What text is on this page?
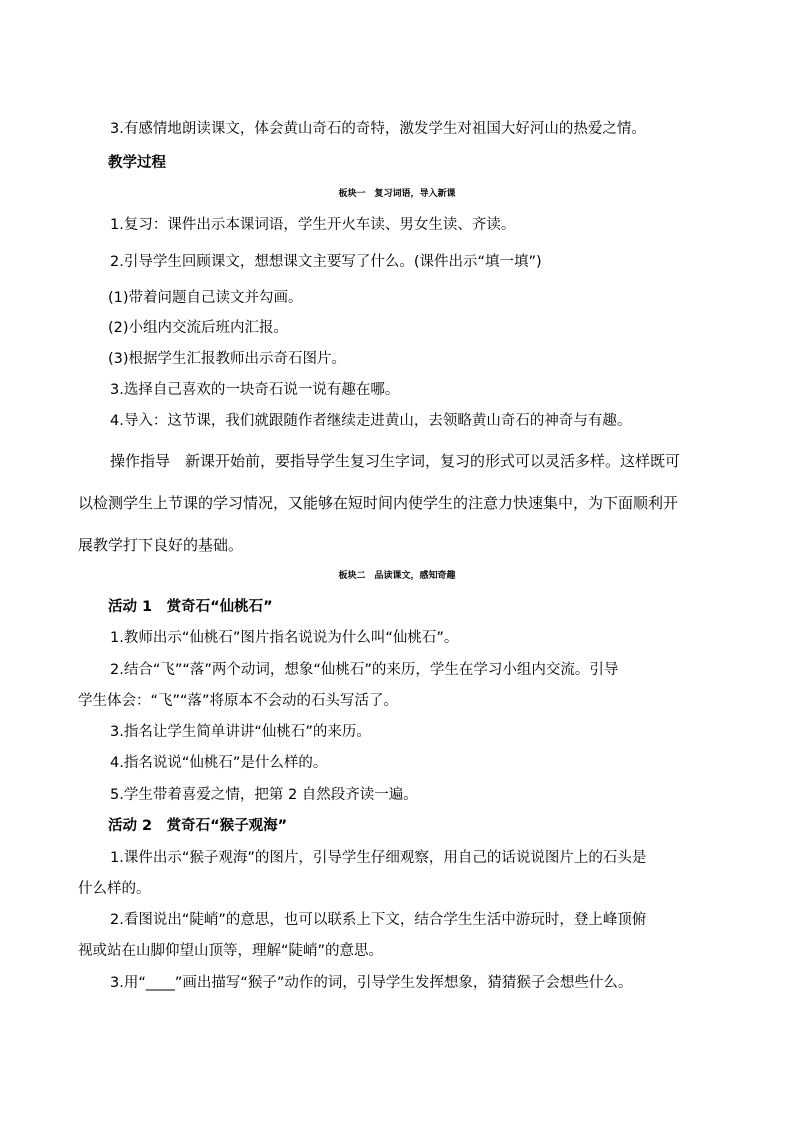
3.有感情地朗读课文，体会黄山奇石的奇特，激发学生对祖国大好河山的热爱之情。
教学过程
板块一　复习词语，导入新课
1.复习：课件出示本课词语，学生开火车读、男女生读、齐读。
2.引导学生回顾课文，想想课文主要写了什么。(课件出示“填一填”)
(1)带着问题自己读文并勾画。
(2)小组内交流后班内汇报。
(3)根据学生汇报教师出示奇石图片。
3.选择自己喜欢的一块奇石说一说有趣在哪。
4.导入：这节课，我们就跟随作者继续走进黄山，去领略黄山奇石的神奇与有趣。
操作指导　新课开始前，要指导学生复习生字词，复习的形式可以灵活多样。这样既可
以检测学生上节课的学习情况，又能够在短时间内使学生的注意力快速集中，为下面顺利开
展教学打下良好的基础。
板块二　品读课文，感知奇趣
活动 1　赏奇石“仙桃石”
1.教师出示“仙桃石”图片指名说说为什么叫“仙桃石”。
2.结合“飞”“落”两个动词，想象“仙桃石”的来历，学生在学习小组内交流。引导
学生体会：“飞”“落”将原本不会动的石头写活了。
3.指名让学生简单讲讲“仙桃石”的来历。
4.指名说说“仙桃石”是什么样的。
5.学生带着喜爱之情，把第 2 自然段齐读一遍。
活动 2　赏奇石“猴子观海”
1.课件出示“猴子观海”的图片，引导学生仔细观察，用自己的话说说图片上的石头是
什么样的。
2.看图说出“陡峭”的意思，也可以联系上下文，结合学生生活中游玩时，登上峰顶俯
视或站在山脚仰望山顶等，理解“陡峭”的意思。
3.用“____”画出描写“猴子”动作的词，引导学生发挥想象，猜猜猴子会想些什么。
